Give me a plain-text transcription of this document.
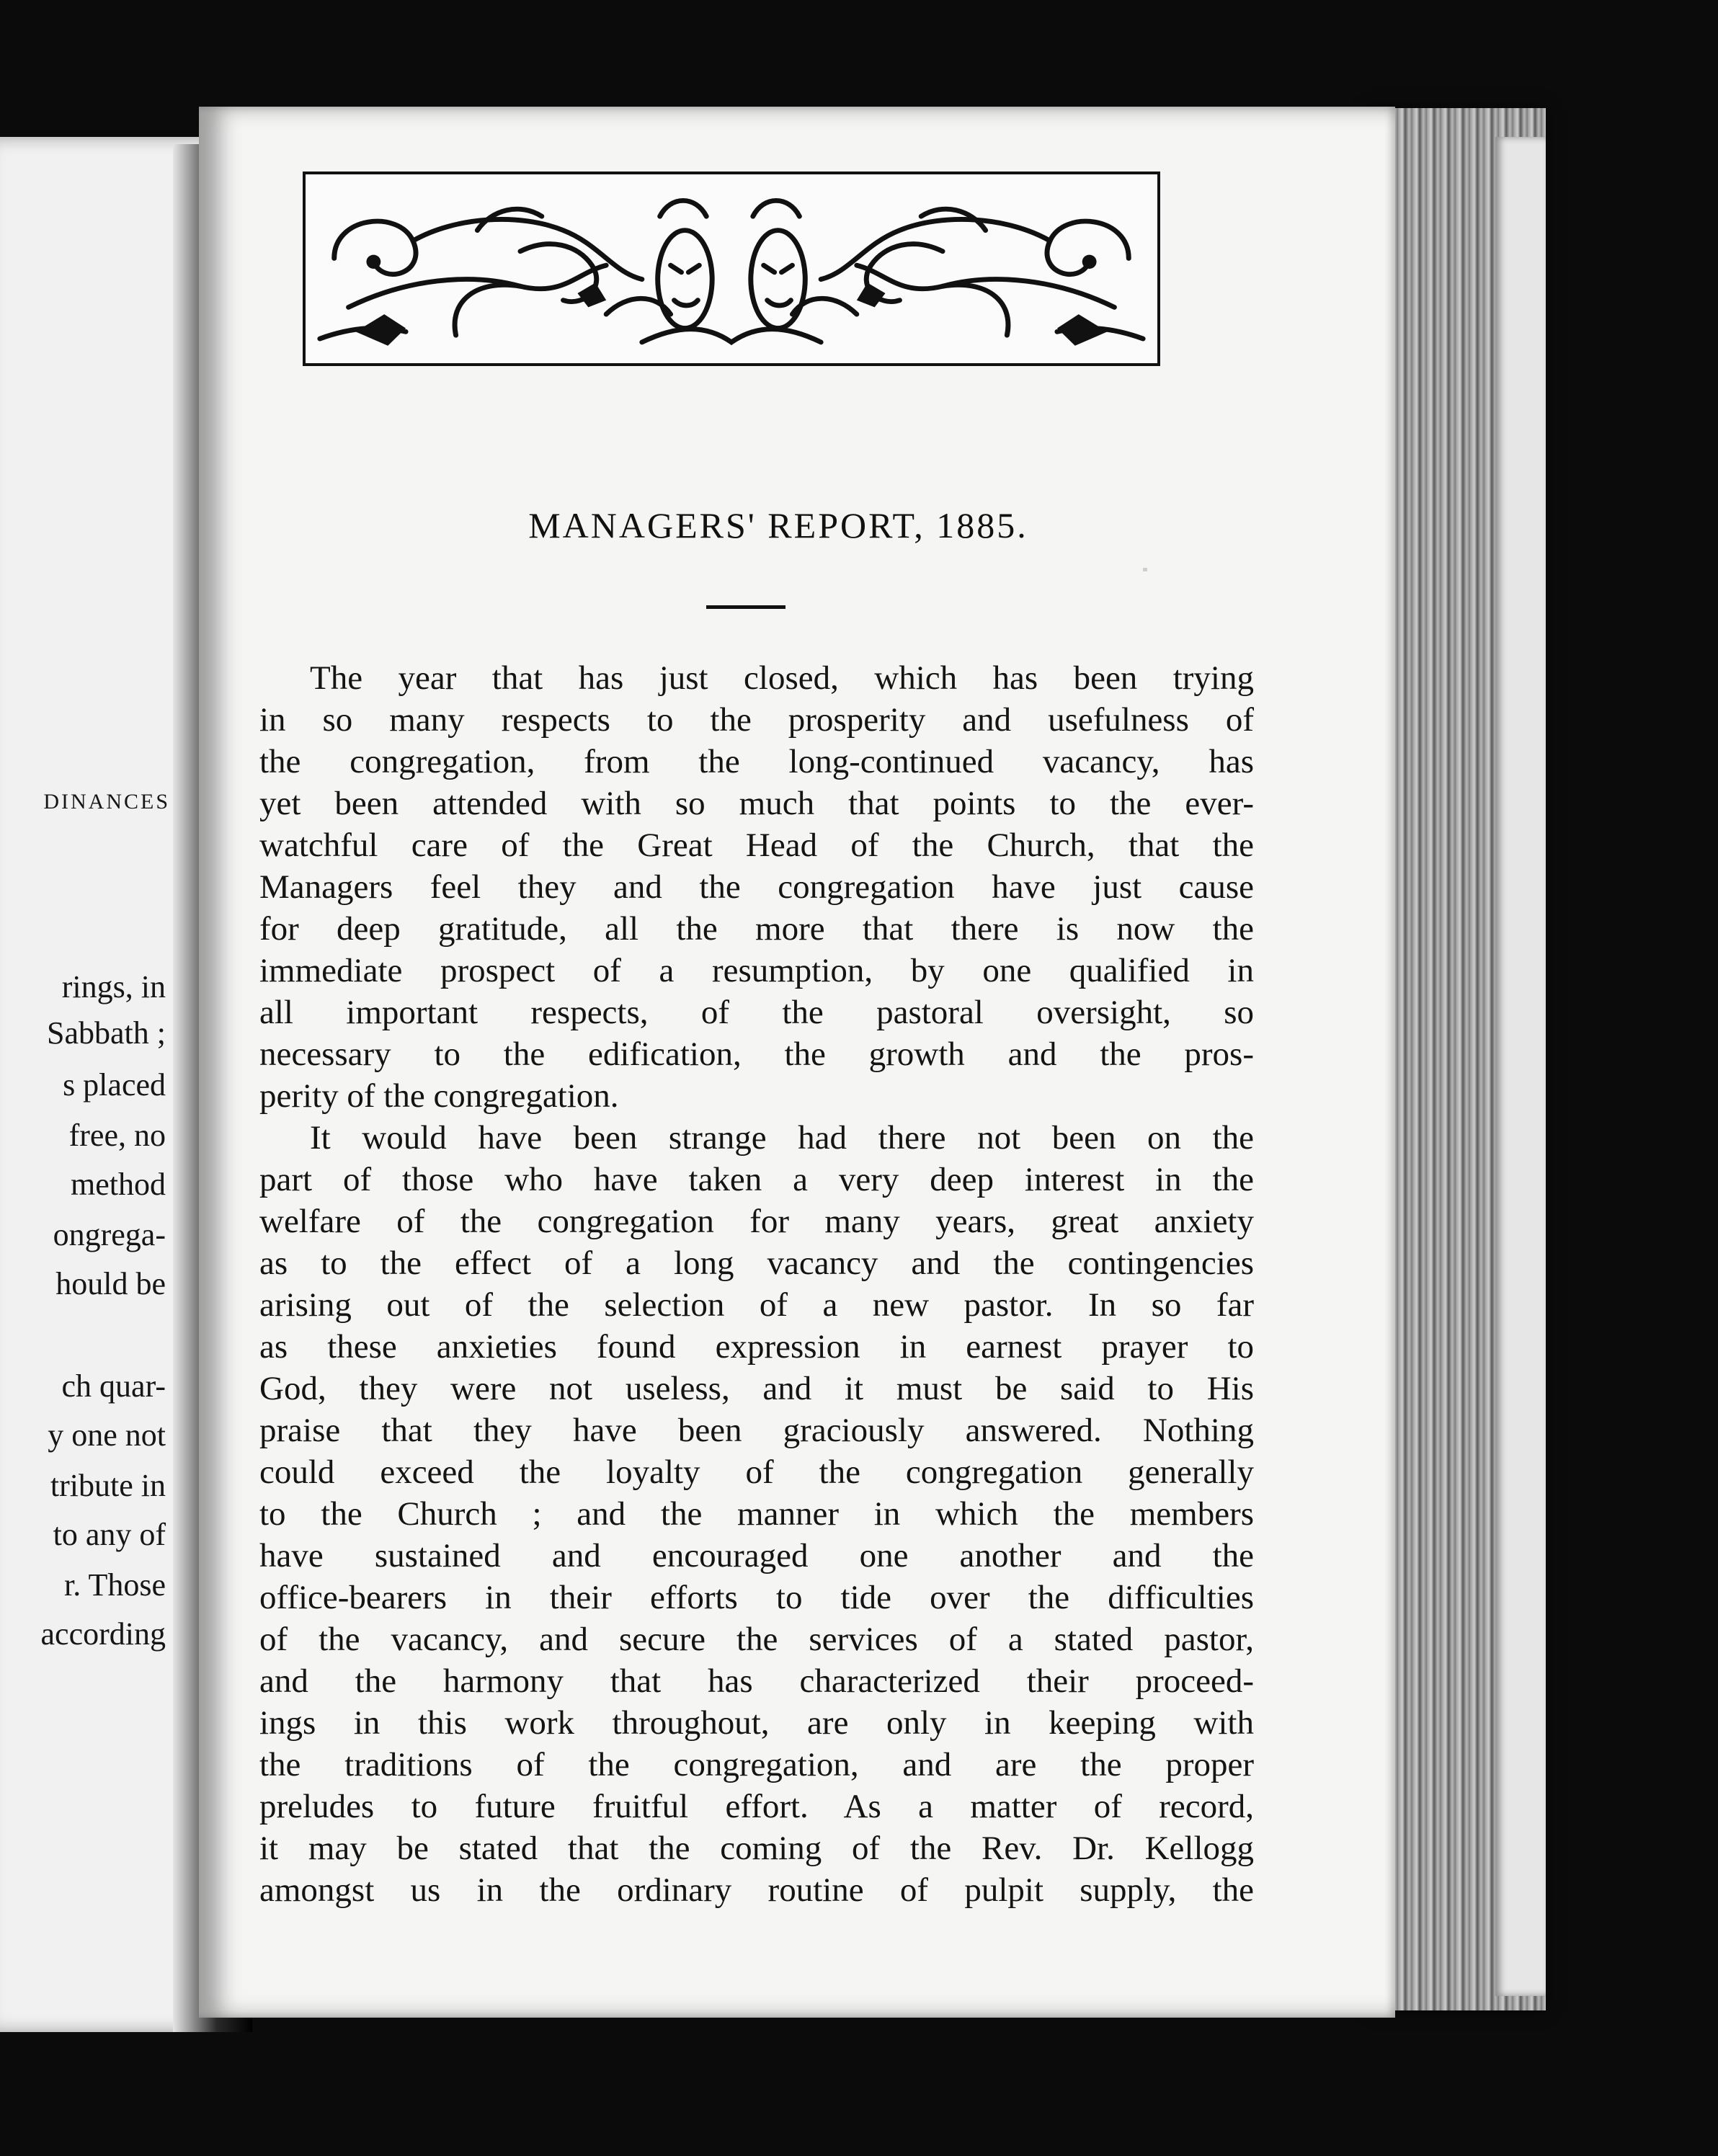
DINANCES
rings, in
Sabbath ;
s placed
free, no
method
ongrega-
hould be
ch quar-
y one not
tribute in
to any of
r. Those
according
MANAGERS' REPORT, 1885.

The year that has just closed, which has been trying

in so many respects to the prosperity and usefulness of

the congregation, from the long-continued vacancy, has

yet been attended with so much that points to the ever-

watchful care of the Great Head of the Church, that the

Managers feel they and the congregation have just cause

for deep gratitude, all the more that there is now the

immediate prospect of a resumption, by one qualified in

all important respects, of the pastoral oversight, so

necessary to the edification, the growth and the pros-

perity of the congregation.

It would have been strange had there not been on the

part of those who have taken a very deep interest in the

welfare of the congregation for many years, great anxiety

as to the effect of a long vacancy and the contingencies

arising out of the selection of a new pastor. In so far

as these anxieties found expression in earnest prayer to

God, they were not useless, and it must be said to His

praise that they have been graciously answered. Nothing

could exceed the loyalty of the congregation generally

to the Church ; and the manner in which the members

have sustained and encouraged one another and the

office-bearers in their efforts to tide over the difficulties

of the vacancy, and secure the services of a stated pastor,

and the harmony that has characterized their proceed-

ings in this work throughout, are only in keeping with

the traditions of the congregation, and are the proper

preludes to future fruitful effort. As a matter of record,

it may be stated that the coming of the Rev. Dr. Kellogg

amongst us in the ordinary routine of pulpit supply, the
